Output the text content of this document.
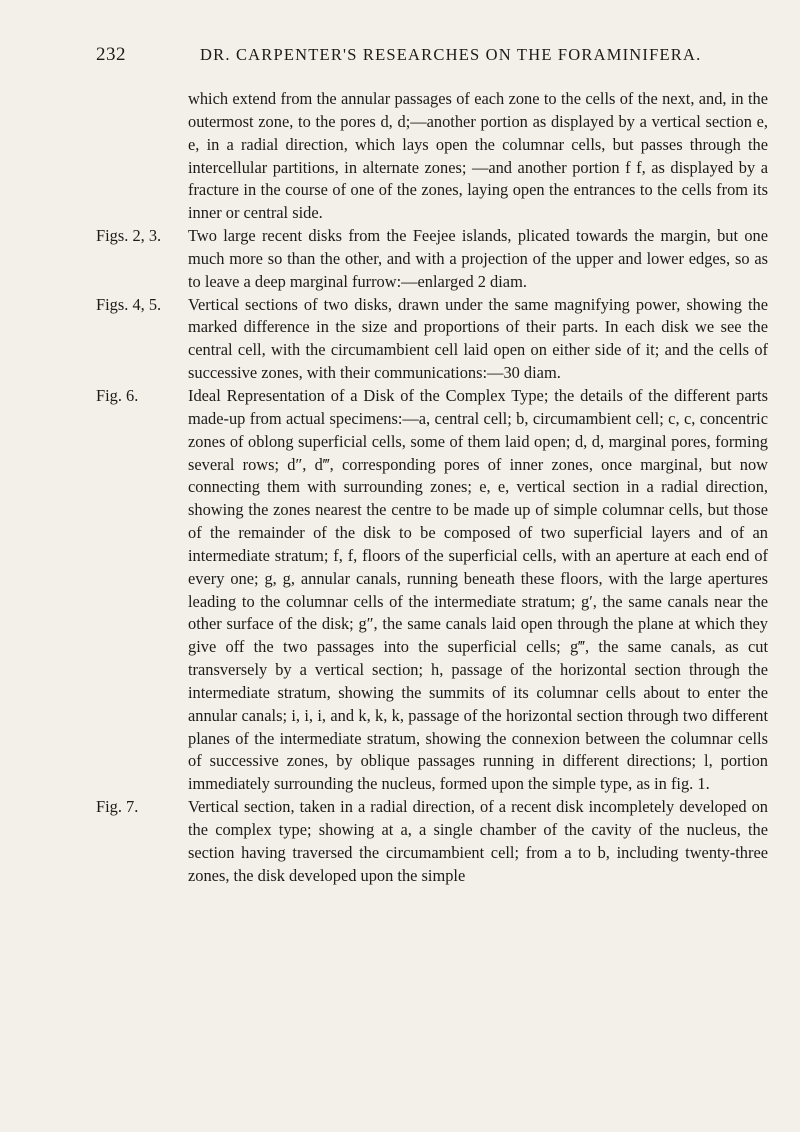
232	DR. CARPENTER'S RESEARCHES ON THE FORAMINIFERA.

which extend from the annular passages of each zone to the cells of the next, and, in the outermost zone, to the pores d, d;—another portion as displayed by a vertical section e, e, in a radial direction, which lays open the columnar cells, but passes through the intercellular partitions, in alternate zones; —and another portion f f, as displayed by a fracture in the course of one of the zones, laying open the entrances to the cells from its inner or central side.

Figs. 2, 3. Two large recent disks from the Feejee islands, plicated towards the margin, but one much more so than the other, and with a projection of the upper and lower edges, so as to leave a deep marginal furrow:—enlarged 2 diam.
Figs. 4, 5. Vertical sections of two disks, drawn under the same magnifying power, showing the marked difference in the size and proportions of their parts. In each disk we see the central cell, with the circumambient cell laid open on either side of it; and the cells of successive zones, with their communications:—30 diam.
Fig. 6.	Ideal Representation of a Disk of the Complex Type; the details of the different parts made-up from actual specimens:—a, central cell; b, circumambient cell; c, c, concentric zones of oblong superficial cells, some of them laid open; d, d, marginal pores, forming several rows; d″, d‴, corresponding pores of inner zones, once marginal, but now connecting them with surrounding zones; e, e, vertical section in a radial direction, showing the zones nearest the centre to be made up of simple columnar cells, but those of the remainder of the disk to be composed of two superficial layers and of an intermediate stratum; f, f, floors of the superficial cells, with an aperture at each end of every one; g, g, annular canals, running beneath these floors, with the large apertures leading to the columnar cells of the intermediate stratum; g′, the same canals near the other surface of the disk; g″, the same canals laid open through the plane at which they give off the two passages into the superficial cells; g‴, the same canals, as cut transversely by a vertical section; h, passage of the horizontal section through the intermediate stratum, showing the summits of its columnar cells about to enter the annular canals; i, i, i, and k, k, k, passage of the horizontal section through two different planes of the intermediate stratum, showing the connexion between the columnar cells of successive zones, by oblique passages running in different directions; l, portion immediately surrounding the nucleus, formed upon the simple type, as in fig. 1.
Fig. 7.	Vertical section, taken in a radial direction, of a recent disk incompletely developed on the complex type; showing at a, a single chamber of the cavity of the nucleus, the section having traversed the circumambient cell; from a to b, including twenty-three zones, the disk developed upon the simple
